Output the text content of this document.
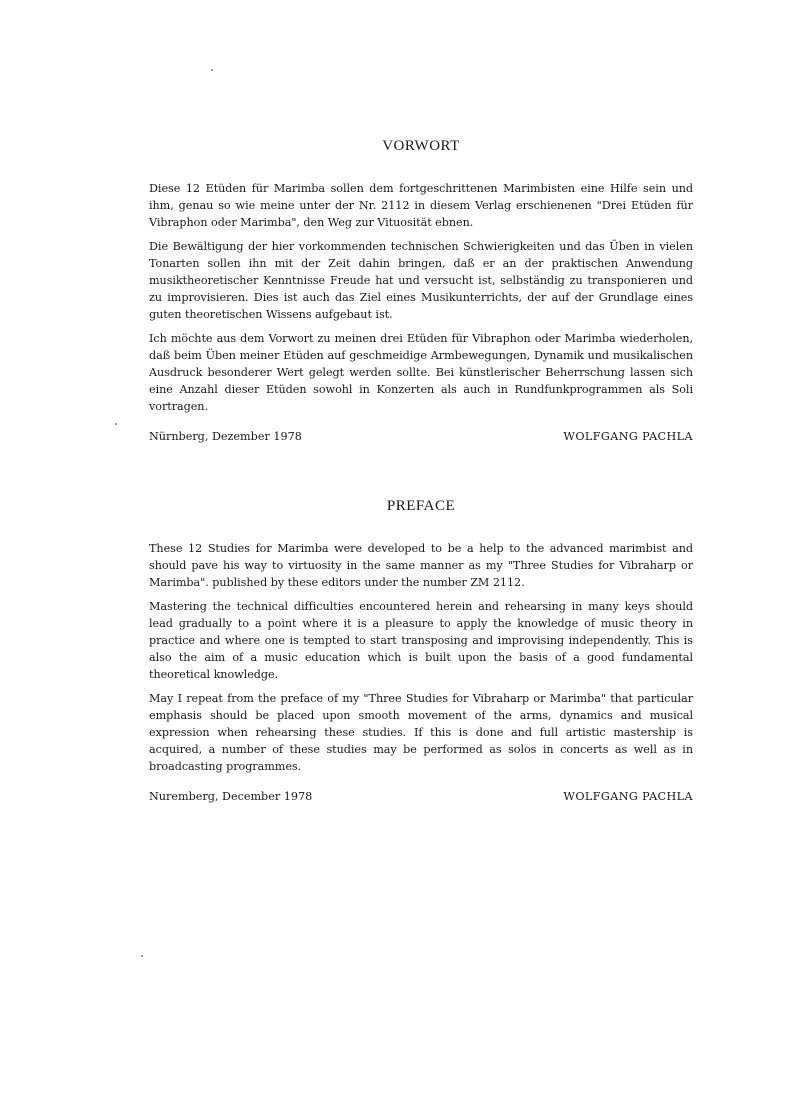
VORWORT

Diese 12 Etüden für Marimba sollen dem fortgeschrittenen Marimbisten eine Hilfe sein und ihm, genau so wie meine unter der Nr. 2112 in diesem Verlag erschienenen "Drei Etüden für Vibraphon oder Marimba", den Weg zur Vituosität ebnen.

Die Bewältigung der hier vorkommenden technischen Schwierigkeiten und das Üben in vielen Tonarten sollen ihn mit der Zeit dahin bringen, daß er an der praktischen Anwendung musiktheoretischer Kenntnisse Freude hat und versucht ist, selbständig zu transponieren und zu improvisieren. Dies ist auch das Ziel eines Musikunterrichts, der auf der Grundlage eines guten theoretischen Wissens aufgebaut ist.

Ich möchte aus dem Vorwort zu meinen drei Etüden für Vibraphon oder Marimba wiederholen, daß beim Üben meiner Etüden auf geschmeidige Armbewegungen, Dynamik und musikalischen Ausdruck besonderer Wert gelegt werden sollte. Bei künstlerischer Beherrschung lassen sich eine Anzahl dieser Etüden sowohl in Konzerten als auch in Rundfunkprogrammen als Soli vortragen.

Nürnberg, Dezember 1978	WOLFGANG PACHLA
PREFACE

These 12 Studies for Marimba were developed to be a help to the advanced marimbist and should pave his way to virtuosity in the same manner as my "Three Studies for Vibraharp or Marimba". published by these editors under the number ZM 2112.

Mastering the technical difficulties encountered herein and rehearsing in many keys should lead gradually to a point where it is a pleasure to apply the knowledge of music theory in practice and where one is tempted to start transposing and improvising independently. This is also the aim of a music education which is built upon the basis of a good fundamental theoretical knowledge.

May I repeat from the preface of my "Three Studies for Vibraharp or Marimba" that particular emphasis should be placed upon smooth movement of the arms, dynamics and musical expression when rehearsing these studies. If this is done and full artistic mastership is acquired, a number of these studies may be performed as solos in concerts as well as in broadcasting programmes.

Nuremberg, December 1978	WOLFGANG PACHLA
